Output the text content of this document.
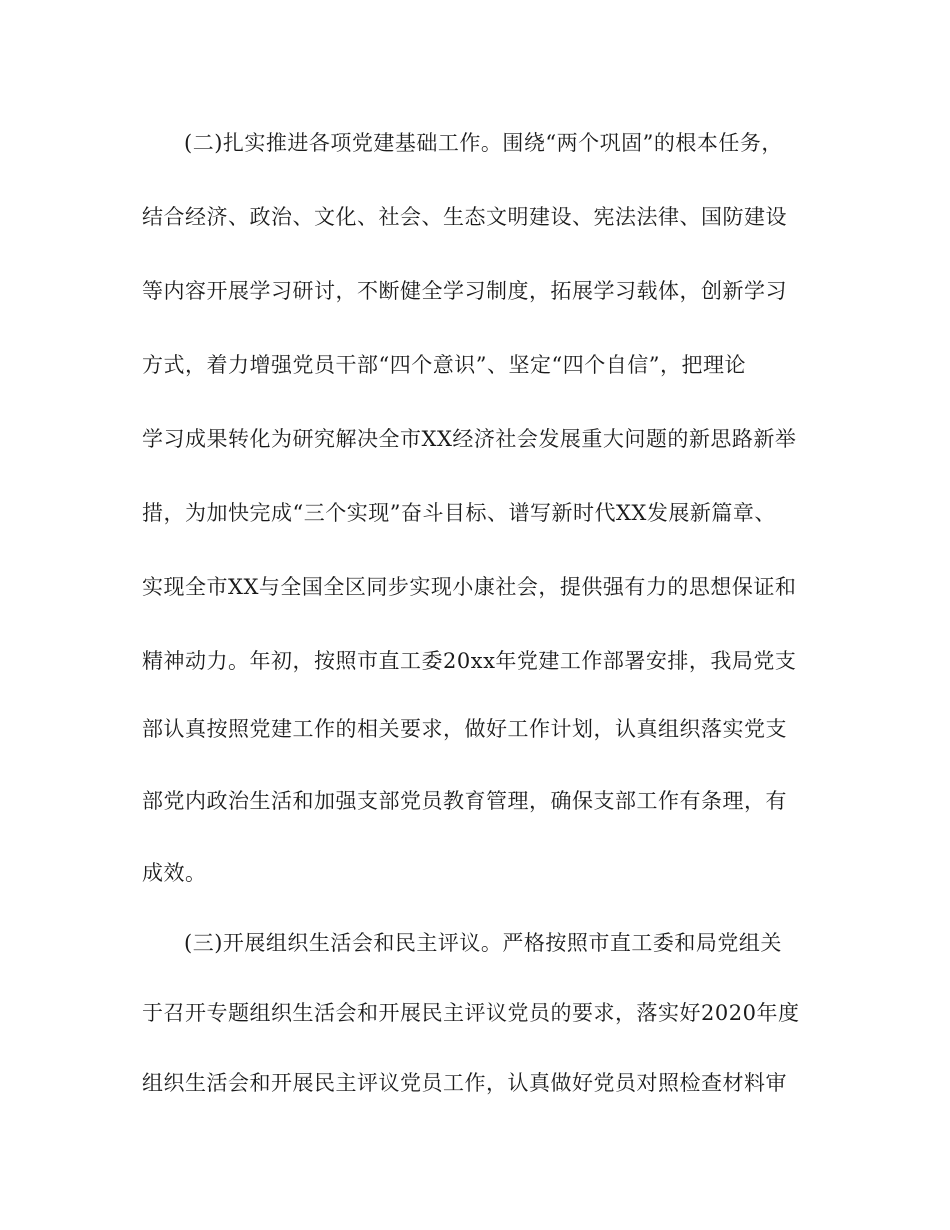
(二)扎实推进各项党建基础工作。围绕“两个巩固”的根本任务，
结合经济、政治、文化、社会、生态文明建设、宪法法律、国防建设
等内容开展学习研讨，不断健全学习制度，拓展学习载体，创新学习
方式，着力增强党员干部“四个意识”、坚定“四个自信”，把理论
学习成果转化为研究解决全市XX经济社会发展重大问题的新思路新举
措，为加快完成“三个实现”奋斗目标、谱写新时代XX发展新篇章、
实现全市XX与全国全区同步实现小康社会，提供强有力的思想保证和
精神动力。年初，按照市直工委20xx年党建工作部署安排，我局党支
部认真按照党建工作的相关要求，做好工作计划，认真组织落实党支
部党内政治生活和加强支部党员教育管理，确保支部工作有条理，有
成效。
(三)开展组织生活会和民主评议。严格按照市直工委和局党组关
于召开专题组织生活会和开展民主评议党员的要求，落实好2020年度
组织生活会和开展民主评议党员工作，认真做好党员对照检查材料审
